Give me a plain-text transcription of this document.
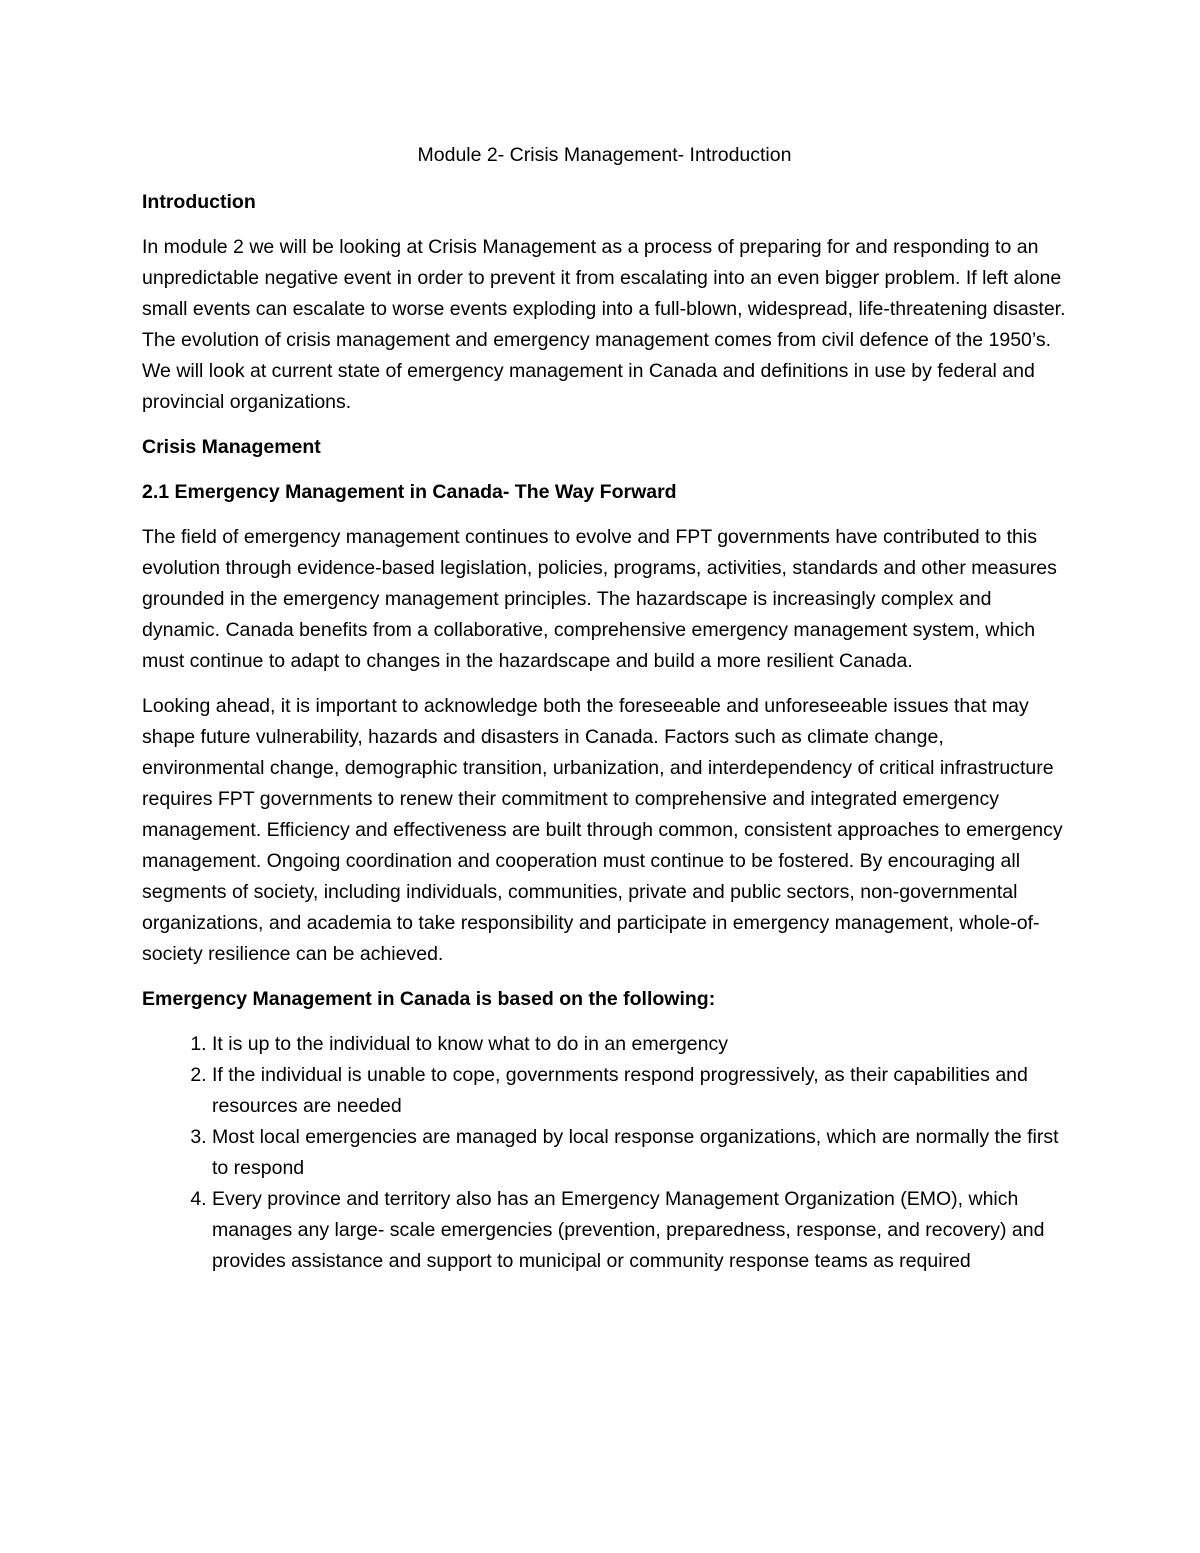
Module 2- Crisis Management- Introduction
Introduction

In module 2 we will be looking at Crisis Management as a process of preparing for and responding to an unpredictable negative event in order to prevent it from escalating into an even bigger problem. If left alone small events can escalate to worse events exploding into a full-blown, widespread, life-threatening disaster. The evolution of crisis management and emergency management comes from civil defence of the 1950’s. We will look at current state of emergency management in Canada and definitions in use by federal and provincial organizations.

Crisis Management
2.1 Emergency Management in Canada- The Way Forward

The field of emergency management continues to evolve and FPT governments have contributed to this evolution through evidence-based legislation, policies, programs, activities, standards and other measures grounded in the emergency management principles. The hazardscape is increasingly complex and dynamic. Canada benefits from a collaborative, comprehensive emergency management system, which must continue to adapt to changes in the hazardscape and build a more resilient Canada.

Looking ahead, it is important to acknowledge both the foreseeable and unforeseeable issues that may shape future vulnerability, hazards and disasters in Canada. Factors such as climate change, environmental change, demographic transition, urbanization, and interdependency of critical infrastructure requires FPT governments to renew their commitment to comprehensive and integrated emergency management. Efficiency and effectiveness are built through common, consistent approaches to emergency management. Ongoing coordination and cooperation must continue to be fostered. By encouraging all segments of society, including individuals, communities, private and public sectors, non-governmental organizations, and academia to take responsibility and participate in emergency management, whole-of-society resilience can be achieved.

Emergency Management in Canada is based on the following:
1. It is up to the individual to know what to do in an emergency
2. If the individual is unable to cope, governments respond progressively, as their capabilities and resources are needed
3. Most local emergencies are managed by local response organizations, which are normally the first to respond
4. Every province and territory also has an Emergency Management Organization (EMO), which manages any large- scale emergencies (prevention, preparedness, response, and recovery) and provides assistance and support to municipal or community response teams as required
